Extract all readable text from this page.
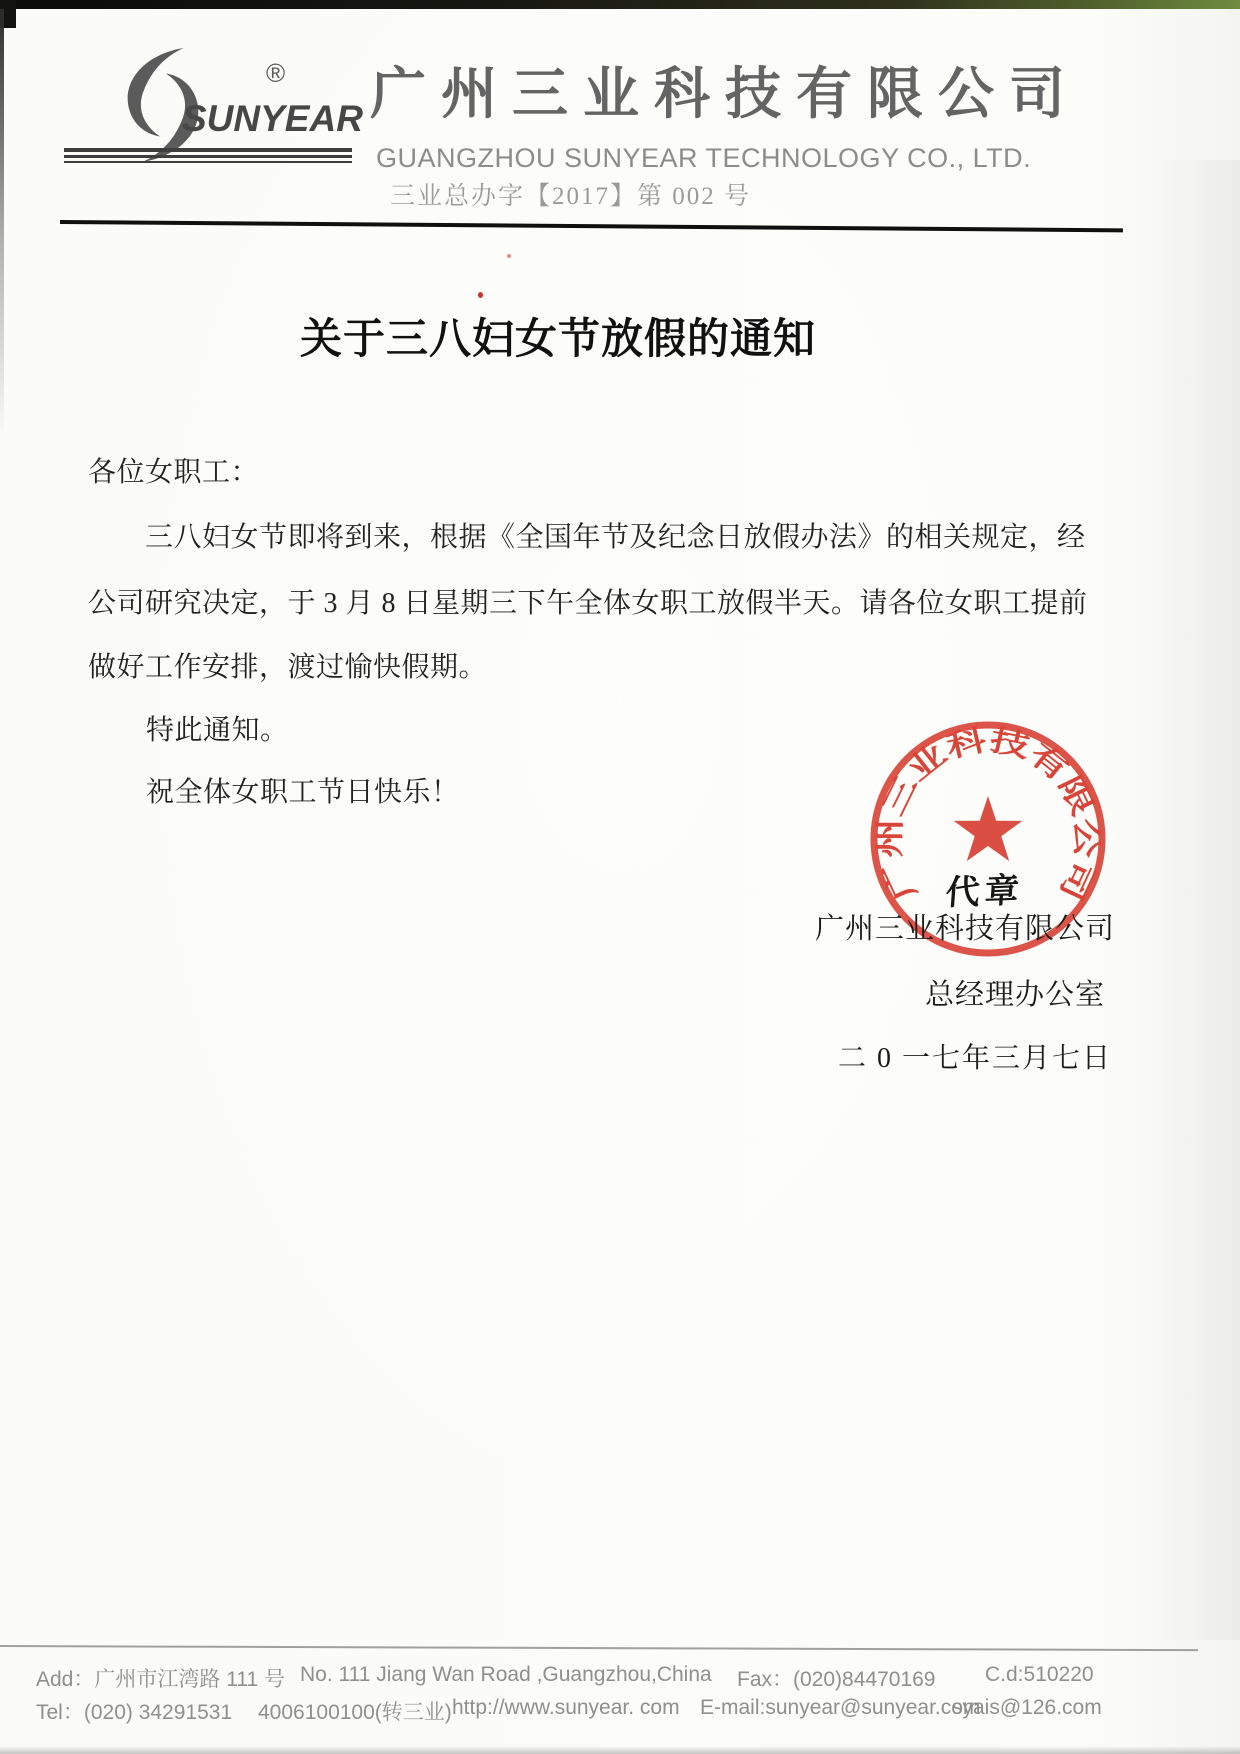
®
SUNYEAR 广州三业科技有限公司
GUANGZHOU SUNYEAR TECHNOLOGY CO., LTD.
三业总办字【2017】第 002 号
关于三八妇女节放假的通知
各位女职工：
三八妇女节即将到来，根据《全国年节及纪念日放假办法》的相关规定，经
公司研究决定，于 3 月 8 日星期三下午全体女职工放假半天。请各位女职工提前
做好工作安排，渡过愉快假期。
特此通知。
祝全体女职工节日快乐！
广州三业科技有限公司
代章
广州三业科技有限公司
总经理办公室
二 0 一七年三月七日
Add：广州市江湾路 111 号 No. 111 Jiang Wan Road ,Guangzhou,China Fax：(020)84470169 C.d:510220
Tel：(020) 34291531 4006100100(转三业) http://www.sunyear. com E-mail:sunyear@sunyear.com
syais@126.com
